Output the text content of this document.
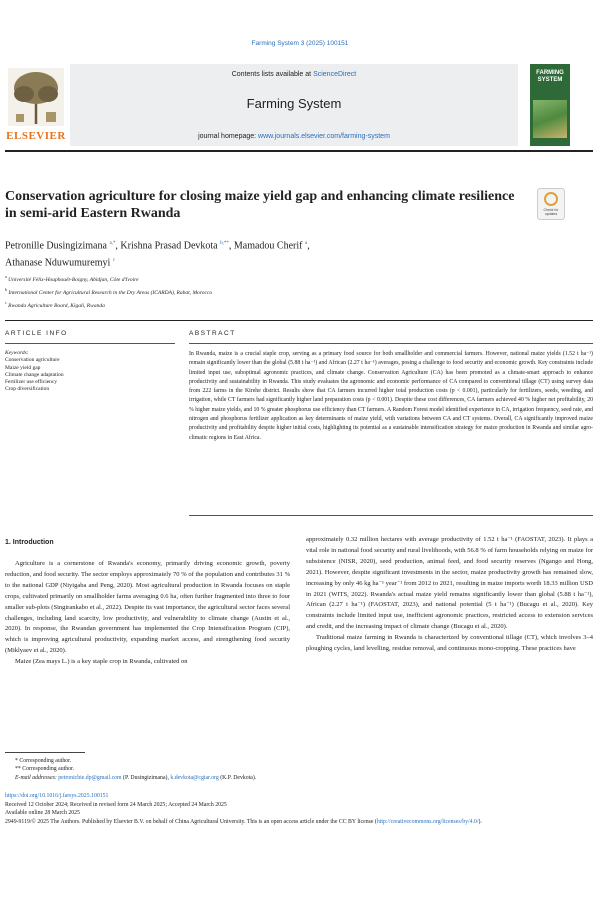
Farming System 3 (2025) 100151
ELSEVIER
Contents lists available at ScienceDirect
Farming System
journal homepage: www.journals.elsevier.com/farming-system
FARMING
SYSTEM
Conservation agriculture for closing maize yield gap and enhancing climate resilience in semi-arid Eastern Rwanda	Check for updates
Petronille Dusingizimana $^{a,*}$, Krishna Prasad Devkota $^{b,**}$, Mamadou Cherif $^a$,
Athanase Nduwumuremyi $^c$
$^a$ Université Félix-Houphouët-Boigny, Abidjan, Côte d'Ivoire
$^b$ International Center for Agricultural Research in the Dry Areas (ICARDA), Rabat, Morocco
$^c$ Rwanda Agriculture Board, Kigali, Rwanda
ARTICLE INFO	ABSTRACT
Keywords:
Conservation agriculture
Maize yield gap
Climate change adaptation
Fertilizer use efficiency
Crop diversification
In Rwanda, maize is a crucial staple crop, serving as a primary food source for both smallholder and commercial farmers. However, national maize yields (1.52 t ha⁻¹) remain significantly lower than the global (5.88 t ha⁻¹) and African (2.27 t ha⁻¹) averages, posing a challenge to food security and economic growth. Key constraints include limited input use, suboptimal agronomic practices, and climate change. Conservation Agriculture (CA) has been promoted as a climate-smart approach to enhance productivity and sustainability in Rwanda. This study evaluates the agronomic and economic performance of CA compared to conventional tillage (CT) using survey data from 222 farms in the Kirehe district. Results show that CA farmers incurred higher total production costs (p < 0.001), particularly for fertilizers, seeds, weeding, and irrigation, while CT farmers had significantly higher land preparation costs (p < 0.001). Despite these cost differences, CA farmers achieved 40 % higher net profitability, 20 % higher maize yields, and 10 % greater phosphorus use efficiency than CT farmers. A Random Forest model identified experience in CA, irrigation frequency, seed rate, and nitrogen and phosphorus fertilizer application as key determinants of maize yield, with variations between CA and CT systems. Overall, CA significantly improved maize productivity and profitability despite higher initial costs, highlighting its potential as a sustainable intensification strategy for maize production in Rwanda and similar agro-climatic regions in East Africa.
1. Introduction

Agriculture is a cornerstone of Rwanda's economy, primarily driving economic growth, poverty reduction, and food security. The sector employs approximately 70 % of the population and contributes 31 % to the national GDP (Niyigaba and Peng, 2020). Most agricultural production in Rwanda focuses on staple crops, cultivated primarily on smallholder farms averaging 0.6 ha, often further fragmented into three to four smaller sub-plots (Singirankabo et al., 2022). Despite its vast importance, the agricultural sector faces several challenges, including land scarcity, low productivity, and vulnerability to climate change (Austin et al., 2020). In response, the Rwandan government has implemented the Crop Intensification Program (CIP), which is improving agricultural productivity, expanding market access, and strengthening food security (Miklyaev et al., 2020).

Maize (Zea mays L.) is a key staple crop in Rwanda, cultivated on

approximately 0.32 million hectares with average productivity of 1.52 t ha⁻¹ (FAOSTAT, 2023). It plays a vital role in national food security and rural livelihoods, with 56.8 % of farm households relying on maize for subsistence (NISR, 2020), seed production, animal feed, and food security reserves (Ngango and Hong, 2021). However, despite significant investments in the sector, maize productivity growth has remained slow, increasing by only 46 kg ha⁻¹ year⁻¹ from 2012 to 2021, resulting in maize imports worth 18.33 million USD in 2021 (WITS, 2022). Rwanda's actual maize yield remains significantly lower than global (5.88 t ha⁻¹), African (2.27 t ha⁻¹) (FAOSTAT, 2023), and national potential (5 t ha⁻¹) (Bucagu et al., 2020). Key constraints include limited input use, inefficient agronomic practices, restricted access to extension services and credit, and the increasing impact of climate change (Bucagu et al., 2020).

Traditional maize farming in Rwanda is characterized by conventional tillage (CT), which involves 3–4 ploughing cycles, land levelling, residue removal, and continuous mono-cropping. These practices have

* Corresponding author.
** Corresponding author.
E-mail addresses: petronichie.dp@gmail.com (P. Dusingizimana), k.devkota@cgiar.org (K.P. Devkota).
https://doi.org/10.1016/j.farsys.2025.100151
Received 12 October 2024; Received in revised form 24 March 2025; Accepted 24 March 2025
Available online 28 March 2025
2949-9119/© 2025 The Authors. Published by Elsevier B.V. on behalf of China Agricultural University. This is an open access article under the CC BY license (http://creativecommons.org/licenses/by/4.0/).
